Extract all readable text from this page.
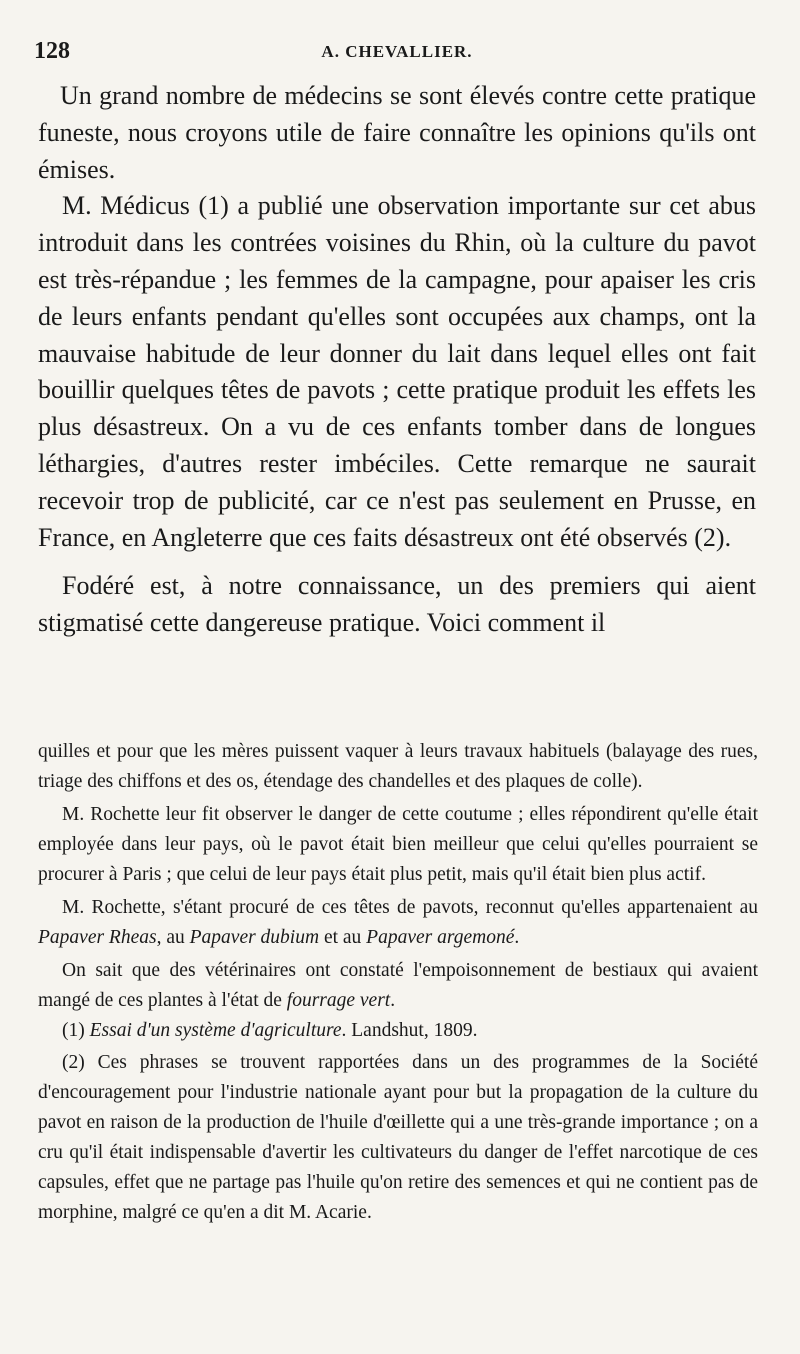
128	A. CHEVALLIER.

Un grand nombre de médecins se sont élevés contre cette pratique funeste, nous croyons utile de faire connaître les opinions qu'ils ont émises.

M. Médicus (1) a publié une observation importante sur cet abus introduit dans les contrées voisines du Rhin, où la culture du pavot est très-répandue ; les femmes de la campagne, pour apaiser les cris de leurs enfants pendant qu'elles sont occupées aux champs, ont la mauvaise habitude de leur donner du lait dans lequel elles ont fait bouillir quelques têtes de pavots ; cette pratique produit les effets les plus désastreux. On a vu de ces enfants tomber dans de longues léthargies, d'autres rester imbéciles. Cette remarque ne saurait recevoir trop de publicité, car ce n'est pas seulement en Prusse, en France, en Angleterre que ces faits désastreux ont été observés (2).

Fodéré est, à notre connaissance, un des premiers qui aient stigmatisé cette dangereuse pratique. Voici comment il

quilles et pour que les mères puissent vaquer à leurs travaux habituels (balayage des rues, triage des chiffons et des os, étendage des chandelles et des plaques de colle).

M. Rochette leur fit observer le danger de cette coutume ; elles répondirent qu'elle était employée dans leur pays, où le pavot était bien meilleur que celui qu'elles pourraient se procurer à Paris ; que celui de leur pays était plus petit, mais qu'il était bien plus actif.

M. Rochette, s'étant procuré de ces têtes de pavots, reconnut qu'elles appartenaient au Papaver Rheas, au Papaver dubium et au Papaver argemoné.

On sait que des vétérinaires ont constaté l'empoisonnement de bestiaux qui avaient mangé de ces plantes à l'état de fourrage vert.

(1) Essai d'un système d'agriculture. Landshut, 1809.

(2) Ces phrases se trouvent rapportées dans un des programmes de la Société d'encouragement pour l'industrie nationale ayant pour but la propagation de la culture du pavot en raison de la production de l'huile d'œillette qui a une très-grande importance ; on a cru qu'il était indispensable d'avertir les cultivateurs du danger de l'effet narcotique de ces capsules, effet que ne partage pas l'huile qu'on retire des semences et qui ne contient pas de morphine, malgré ce qu'en a dit M. Acarie.
